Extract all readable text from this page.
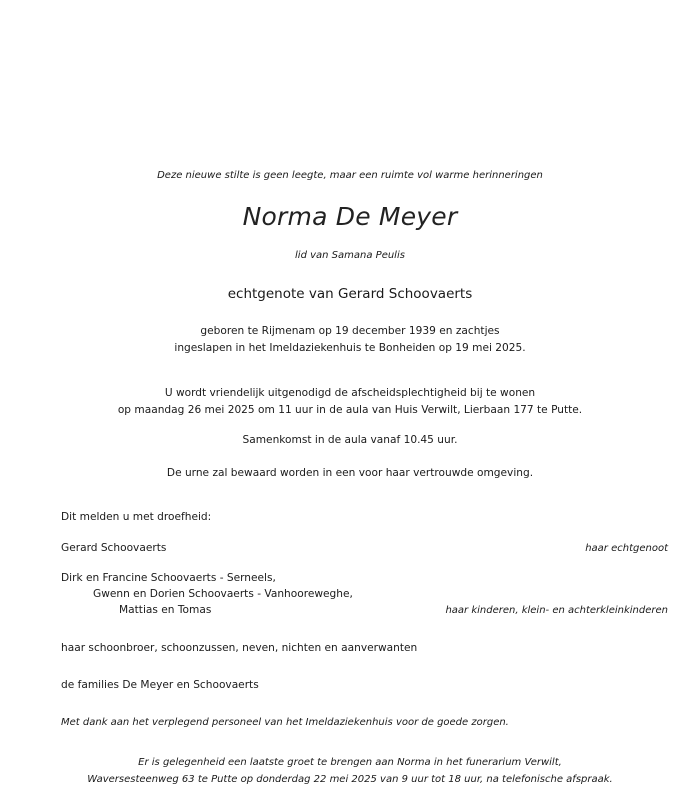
Deze nieuwe stilte is geen leegte, maar een ruimte vol warme herinneringen
Norma De Meyer
lid van Samana Peulis
echtgenote van Gerard Schoovaerts
geboren te Rijmenam op 19 december 1939 en zachtjes
ingeslapen in het Imeldaziekenhuis te Bonheiden op 19 mei 2025.
U wordt vriendelijk uitgenodigd de afscheidsplechtigheid bij te wonen
op maandag 26 mei 2025 om 11 uur in de aula van Huis Verwilt, Lierbaan 177 te Putte.
Samenkomst in de aula vanaf 10.45 uur.
De urne zal bewaard worden in een voor haar vertrouwde omgeving.
Dit melden u met droefheid:
Gerard Schoovaerts	haar echtgenoot
Dirk en Francine Schoovaerts - Serneels,
Gwenn en Dorien Schoovaerts - Vanhooreweghe,
Mattias en Tomas	haar kinderen, klein- en achterkleinkinderen
haar schoonbroer, schoonzussen, neven, nichten en aanverwanten
de families De Meyer en Schoovaerts
Met dank aan het verplegend personeel van het Imeldaziekenhuis voor de goede zorgen.
Er is gelegenheid een laatste groet te brengen aan Norma in het funerarium Verwilt,
Waversesteenweg 63 te Putte op donderdag 22 mei 2025 van 9 uur tot 18 uur, na telefonische afspraak.
